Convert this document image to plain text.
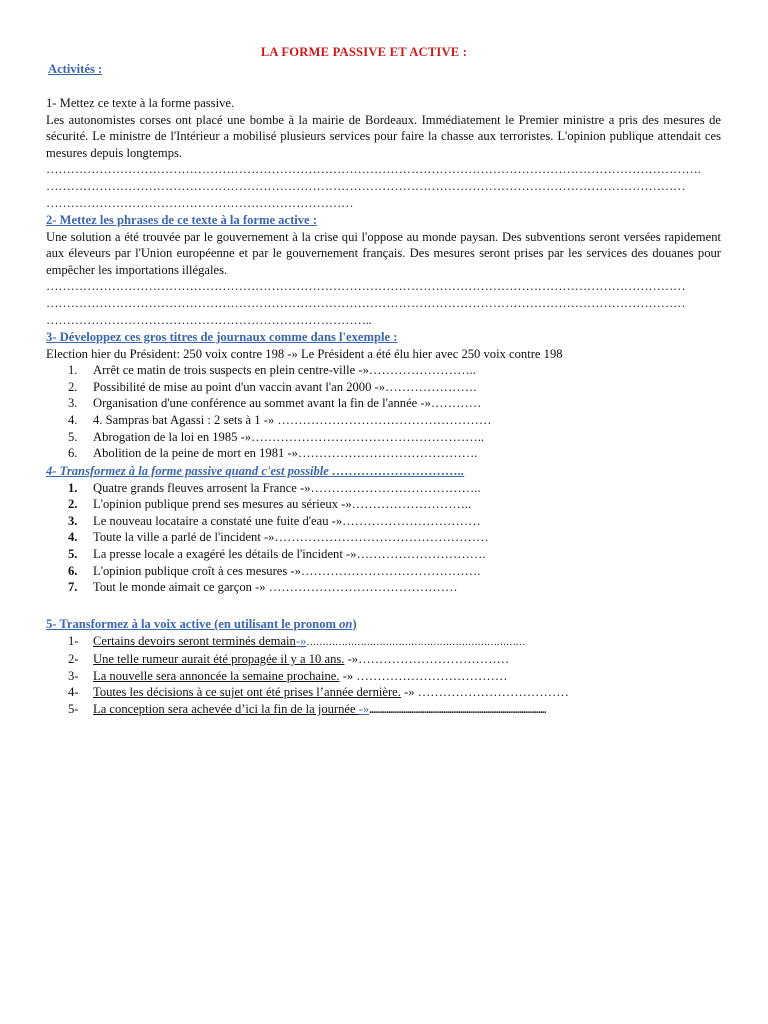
LA FORME PASSIVE ET ACTIVE :
Activités :
1- Mettez ce texte à la forme passive.
Les autonomistes corses ont placé une bombe à la mairie de Bordeaux. Immédiatement le Premier ministre a pris des mesures de sécurité. Le ministre de l'Intérieur a mobilisé plusieurs services pour faire la chasse aux terroristes. L'opinion publique attendait ces mesures depuis longtemps.
…………………………………………………………………………………………………………………………………………….
…………………………………………………………………………………………………………………………………………
…………………………………………………………………
2- Mettez les phrases de ce texte à la forme active :
Une solution a été trouvée par le gouvernement à la crise qui l'oppose au monde paysan. Des subventions seront versées rapidement aux éleveurs par l'Union européenne et par le gouvernement français. Des mesures seront prises par les services des douanes pour empêcher les importations illégales.
…………………………………………………………………………………………………………………………………………
…………………………………………………………………………………………………………………………………………
……………………………………………………………………..
3- Développez ces gros titres de journaux comme dans l'exemple :
Election hier du Président: 250 voix contre 198 -» Le Président a été élu hier avec 250 voix contre 198
1.	Arrêt ce matin de trois suspects en plein centre-ville -»……………………..
2.	Possibilité de mise au point d'un vaccin avant l'an 2000 -»………………….
3.	Organisation d'une conférence au sommet avant la fin de l'année -»…………
4.	4. Sampras bat Agassi : 2 sets à 1 -» ……………………………………………
5.	Abrogation de la loi en 1985 -»………………………………………………..
6.	Abolition de la peine de mort en 1981 -»…………………………………….
4- Transformez à la forme passive quand c'est possible …………………………..
1.	Quatre grands fleuves arrosent la France -»…………………………………..
2.	L'opinion publique prend ses mesures au sérieux -»………………………..
3.	Le nouveau locataire a constaté une fuite d'eau -»……………………………
4.	Toute la ville a parlé de l'incident -»……………………………………………
5.	La presse locale a exagéré les détails de l'incident -»………………………….
6.	L'opinion publique croît à ces mesures -»…………………………………….
7.	Tout le monde aimait ce garçon -» ………………………………………
5- Transformez à la voix active (en utilisant le pronom on)
1-	Certains devoirs seront terminés demain-»……………………………………………………………
2-	Une telle rumeur aurait été propagée il y a 10 ans. -»………………………………
3-	La nouvelle sera annoncée la semaine prochaine. -» ………………………………
4-	Toutes les décisions à ce sujet ont été prises l’année dernière. -» ………………………………
5-	La conception sera achevée d’ici la fin de la journée -».............................................................................................
